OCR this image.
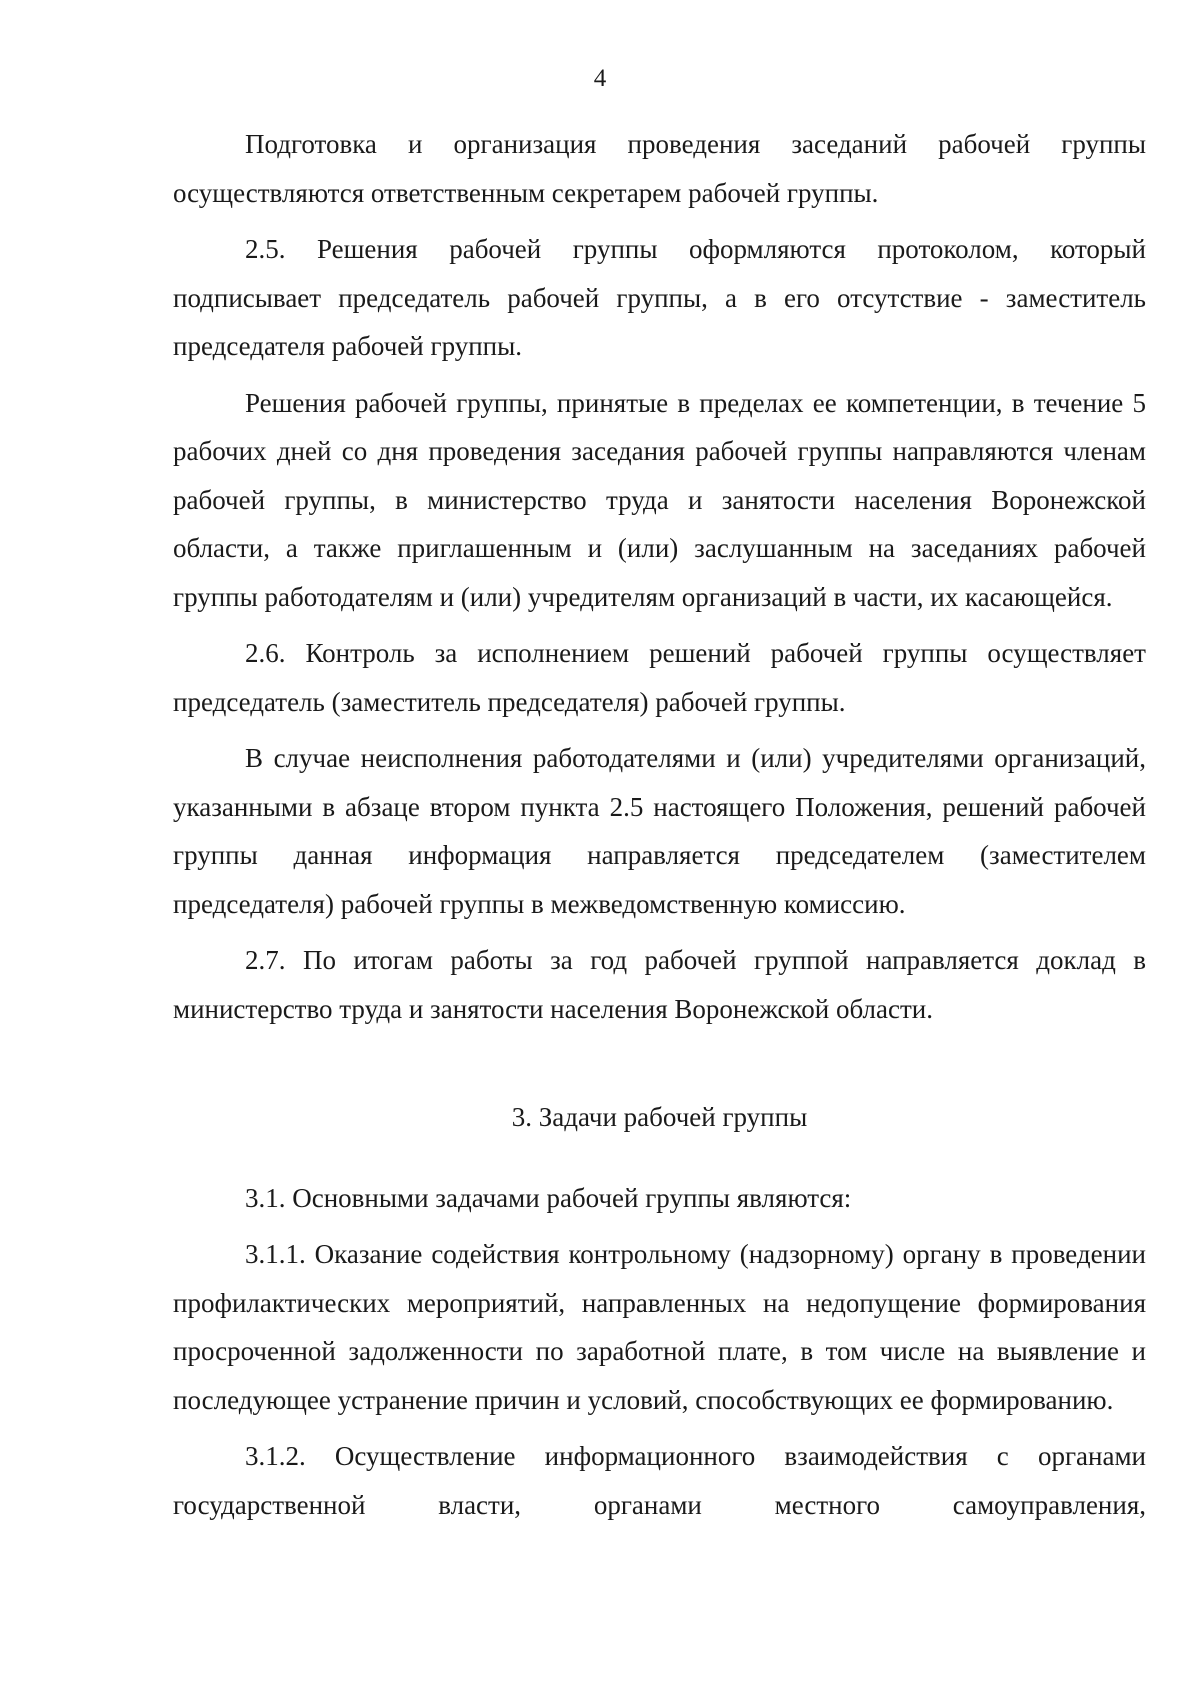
4

Подготовка и организация проведения заседаний рабочей группы осуществляются ответственным секретарем рабочей группы.

2.5. Решения рабочей группы оформляются протоколом, который подписывает председатель рабочей группы, а в его отсутствие - заместитель председателя рабочей группы.

Решения рабочей группы, принятые в пределах ее компетенции, в течение 5 рабочих дней со дня проведения заседания рабочей группы направляются членам рабочей группы, в министерство труда и занятости населения Воронежской области, а также приглашенным и (или) заслушанным на заседаниях рабочей группы работодателям и (или) учредителям организаций в части, их касающейся.

2.6. Контроль за исполнением решений рабочей группы осуществляет председатель (заместитель председателя) рабочей группы.

В случае неисполнения работодателями и (или) учредителями организаций, указанными в абзаце втором пункта 2.5 настоящего Положения, решений рабочей группы данная информация направляется председателем (заместителем председателя) рабочей группы в межведомственную комиссию.

2.7. По итогам работы за год рабочей группой направляется доклад в министерство труда и занятости населения Воронежской области.

3. Задачи рабочей группы

3.1. Основными задачами рабочей группы являются:

3.1.1. Оказание содействия контрольному (надзорному) органу в проведении профилактических мероприятий, направленных на недопущение формирования просроченной задолженности по заработной плате, в том числе на выявление и последующее устранение причин и условий, способствующих ее формированию.

3.1.2. Осуществление информационного взаимодействия с органами государственной власти, органами местного самоуправления,
